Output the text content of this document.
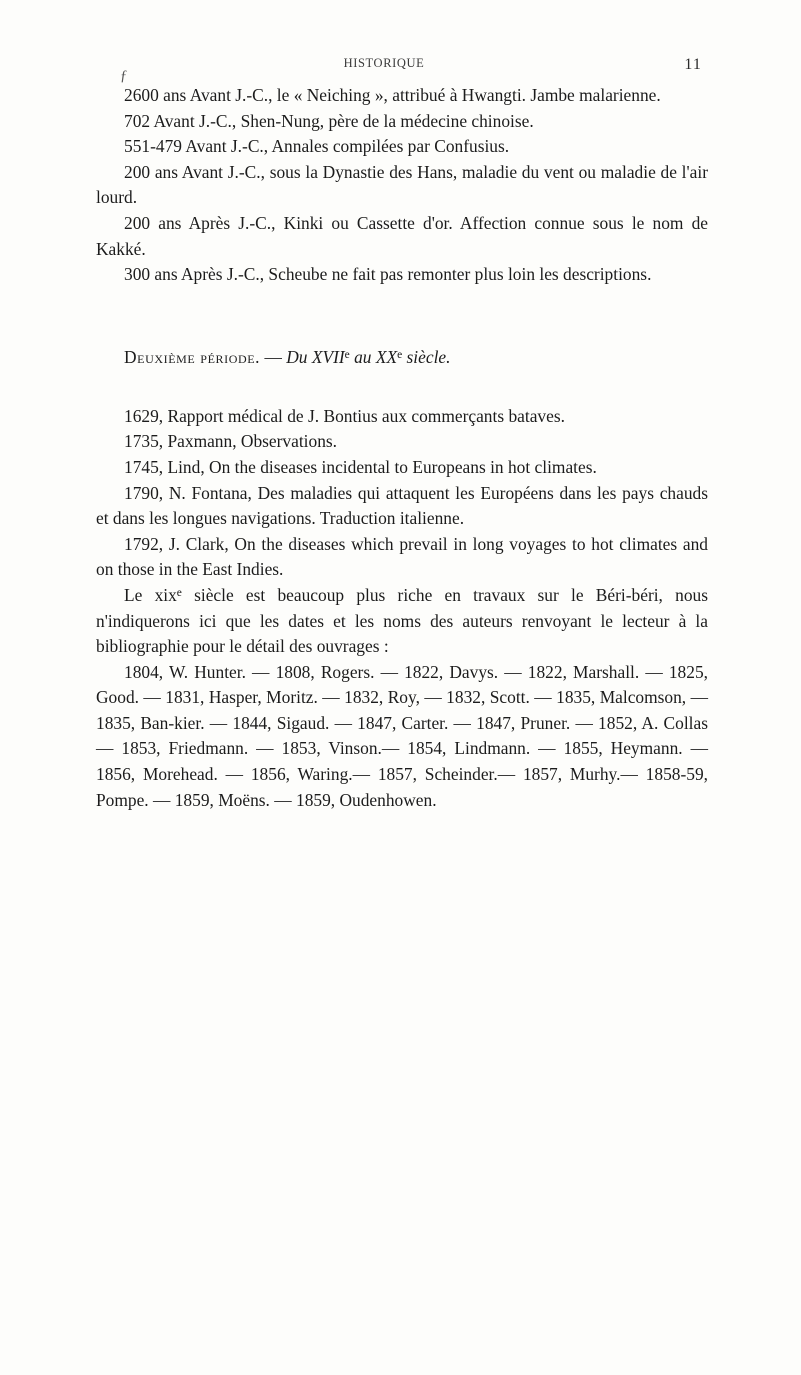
HISTORIQUE	11
ƒ

2600 ans Avant J.-C., le « Neiching », attribué à Hwangti. Jambe malarienne.

702 Avant J.-C., Shen-Nung, père de la médecine chinoise.

551-479 Avant J.-C., Annales compilées par Confusius.

200 ans Avant J.-C., sous la Dynastie des Hans, maladie du vent ou maladie de l'air lourd.

200 ans Après J.-C., Kinki ou Cassette d'or. Affection connue sous le nom de Kakké.

300 ans Après J.-C., Scheube ne fait pas remonter plus loin les descriptions.

Deuxième période. — Du XVIIe au XXe siècle.

1629, Rapport médical de J. Bontius aux commerçants bataves.

1735, Paxmann, Observations.

1745, Lind, On the diseases incidental to Europeans in hot climates.

1790, N. Fontana, Des maladies qui attaquent les Européens dans les pays chauds et dans les longues navigations. Traduction italienne.

1792, J. Clark, On the diseases which prevail in long voyages to hot climates and on those in the East Indies.

Le xix$^e$ siècle est beaucoup plus riche en travaux sur le Béri-béri, nous n'indiquerons ici que les dates et les noms des auteurs renvoyant le lecteur à la bibliographie pour le détail des ouvrages :

1804, W. Hunter. — 1808, Rogers. — 1822, Davys. — 1822, Marshall. — 1825, Good. — 1831, Hasper, Moritz. — 1832, Roy, — 1832, Scott. — 1835, Malcomson, — 1835, Ban-kier. — 1844, Sigaud. — 1847, Carter. — 1847, Pruner. — 1852, A. Collas — 1853, Friedmann. — 1853, Vinson.— 1854, Lindmann. — 1855, Heymann. — 1856, Morehead. — 1856, Waring.— 1857, Scheinder.— 1857, Murhy.— 1858-59, Pompe. — 1859, Moëns. — 1859, Oudenhowen.
